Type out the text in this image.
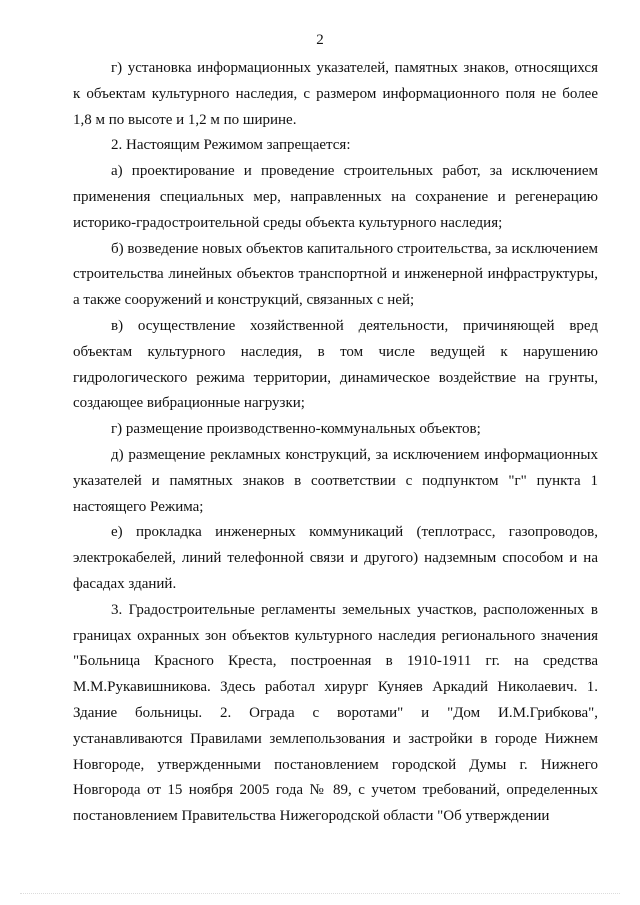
2

г) установка информационных указателей, памятных знаков, относящихся к объектам культурного наследия, с размером информационного поля не более 1,8 м по высоте и 1,2 м по ширине.

2. Настоящим Режимом запрещается:

а) проектирование и проведение строительных работ, за исключением применения специальных мер, направленных на сохранение и регенерацию историко-градостроительной среды объекта культурного наследия;

б) возведение новых объектов капитального строительства, за исключением строительства линейных объектов транспортной и инженерной инфраструктуры, а также сооружений и конструкций, связанных с ней;

в) осуществление хозяйственной деятельности, причиняющей вред объектам культурного наследия, в том числе ведущей к нарушению гидрологического режима территории, динамическое воздействие на грунты, создающее вибрационные нагрузки;

г) размещение производственно-коммунальных объектов;

д) размещение рекламных конструкций, за исключением информационных указателей и памятных знаков в соответствии с подпунктом "г" пункта 1 настоящего Режима;

е) прокладка инженерных коммуникаций (теплотрасс, газопроводов, электрокабелей, линий телефонной связи и другого) надземным способом и на фасадах зданий.

3. Градостроительные регламенты земельных участков, расположенных в границах охранных зон объектов культурного наследия регионального значения "Больница Красного Креста, построенная в 1910-1911 гг. на средства М.М.Рукавишникова. Здесь работал хирург Куняев Аркадий Николаевич. 1. Здание больницы. 2. Ограда с воротами" и "Дом И.М.Грибкова", устанавливаются Правилами землепользования и застройки в городе Нижнем Новгороде, утвержденными постановлением городской Думы г. Нижнего Новгорода от 15 ноября 2005 года № 89, с учетом требований, определенных постановлением Правительства Нижегородской области "Об утверждении
